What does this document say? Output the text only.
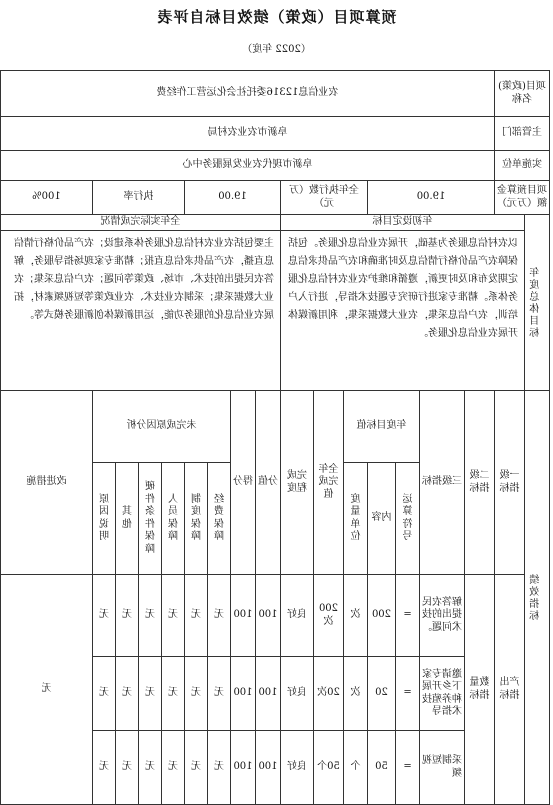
预算项目（政策）绩效目标自评表
（2022 年度）
项目(政策)名称		农业信息12316委托社会化运营工作经费															
主管部门		阜新市农业农村局															
实施单位		阜新市现代农业发展服务中心															
项目预算金额（万元）		19.00				全年执行数（万元）			19.00				执行率				100%
年度总体目标	年初设定目标								全年实际完成情况								
	以农村信息服务为基础，开展农业信息化服务。包括保障农产品价格行情信息及时准确和农产品供求信息定期发布和及时更新，遵循和维护农业农村信息化服务体系。精准专家进行研究专题技术指导，进行入户培训，农户信息采集，农业大数据采集，利用新媒体开展农业信息化服务。								主要包括农业农村信息化服务体系建设；农产品价格行情信息直播，农产品供求信息直报；精准专家现场指导服务，解答农民提出的技术、市场、政策等问题；农户信息采集；农业大数据采集；采制农业技术、农业政策等短视频素材，拓展农业信息化的服务功能，运用新媒体创新服务模式等。								
绩效指标	一级指标	二级指标	三级指标	年度目标值			全年完成值	完成程度	分值	得分	未完成原因分析						改进措施
				运算符号	内容	度量单位					经费保障	制度保障	人员保障	硬件条件保障	其他	原因说明	
	产出指标	数量指标	解答农民提出的技术问题。	=	200	次	200次	良好	100	100	无	无	无	无	无	无	无
			邀请专家下乡开展种养殖技术指导	=	20	次	20次	良好	100	100	无	无	无	无	无	无	
			采制短视频	=	50	个	50个	良好	100	100	无	无	无	无	无	无	
